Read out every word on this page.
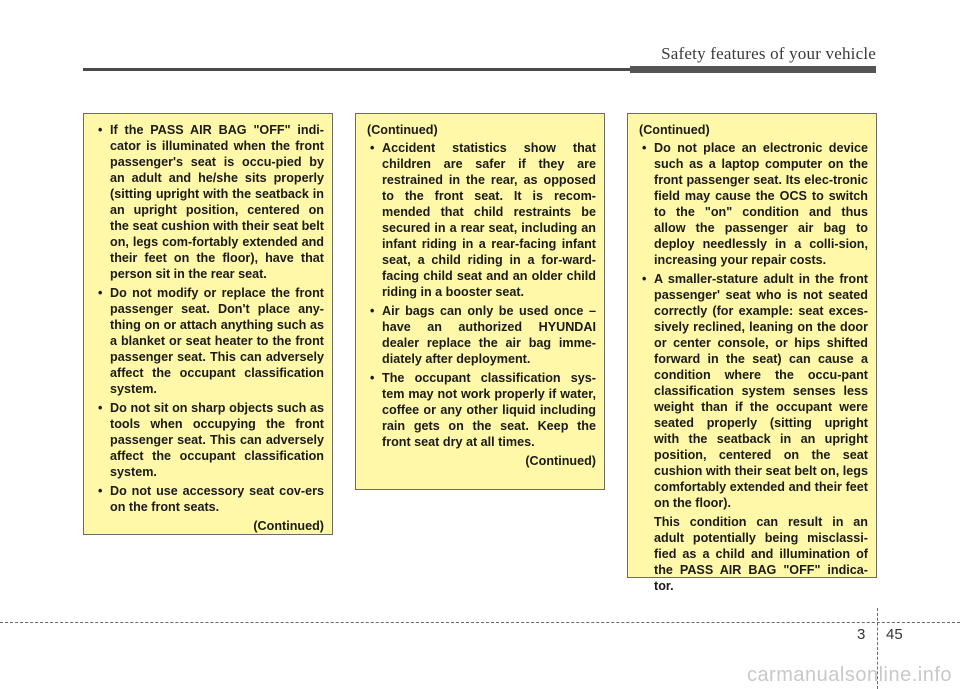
Safety features of your vehicle
• If the PASS AIR BAG "OFF" indi-cator is illuminated when the front passenger's seat is occu-pied by an adult and he/she sits properly (sitting upright with the seatback in an upright position, centered on the seat cushion with their seat belt on, legs com-fortably extended and their feet on the floor), have that person sit in the rear seat.
• Do not modify or replace the front passenger seat. Don't place any-thing on or attach anything such as a blanket or seat heater to the front passenger seat. This can adversely affect the occupant classification system.
• Do not sit on sharp objects such as tools when occupying the front passenger seat. This can adversely affect the occupant classification system.
• Do not use accessory seat cov-ers on the front seats.
(Continued)
(Continued)
• Accident statistics show that children are safer if they are restrained in the rear, as opposed to the front seat. It is recom-mended that child restraints be secured in a rear seat, including an infant riding in a rear-facing infant seat, a child riding in a for-ward-facing child seat and an older child riding in a booster seat.
• Air bags can only be used once – have an authorized HYUNDAI dealer replace the air bag imme-diately after deployment.
• The occupant classification sys-tem may not work properly if water, coffee or any other liquid including rain gets on the seat. Keep the front seat dry at all times.
(Continued)
(Continued)
• Do not place an electronic device such as a laptop computer on the front passenger seat. Its elec-tronic field may cause the OCS to switch to the "on" condition and thus allow the passenger air bag to deploy needlessly in a colli-sion, increasing your repair costs.
• A smaller-stature adult in the front passenger' seat who is not seated correctly (for example: seat exces-sively reclined, leaning on the door or center console, or hips shifted forward in the seat) can cause a condition where the occu-pant classification system senses less weight than if the occupant were seated properly (sitting upright with the seatback in an upright position, centered on the seat cushion with their seat belt on, legs comfortably extended and their feet on the floor).
This condition can result in an adult potentially being misclassi-fied as a child and illumination of the PASS AIR BAG "OFF" indica-tor.
3 45
carmanualsonline.info
